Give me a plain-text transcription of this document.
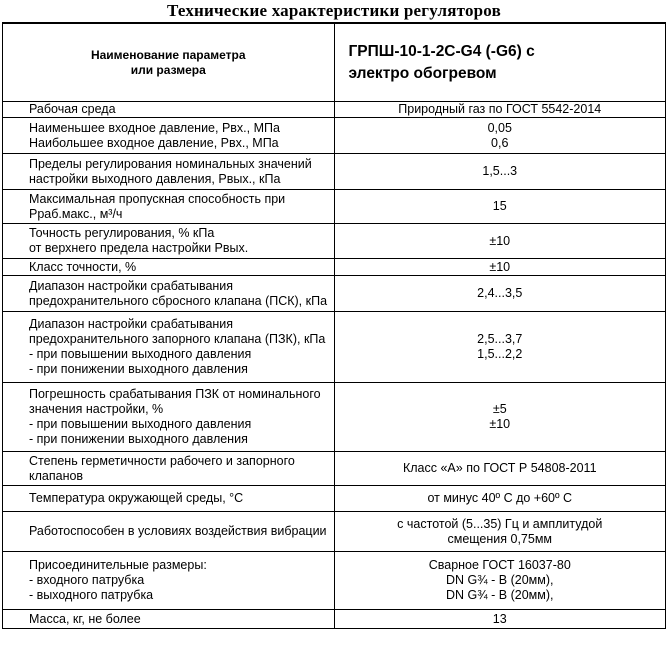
Технические характеристики регуляторов
Наименование параметра
или размера	ГРПШ-10-1-2С-G4 (-G6) с
электро обогревом

Рабочая среда	Природный газ по ГОСТ 5542-2014

Наименьшее входное давление, Рвх., МПа
Наибольшее входное давление, Рвх., МПа	0,05
0,6

Пределы регулирования номинальных значений
настройки выходного давления, Рвых., кПа	1,5...3

Максимальная пропускная способность при
Рраб.макс., м³/ч	15

Точность регулирования, % кПа
от верхнего предела настройки Рвых.	±10

Класс точности, %	±10

Диапазон настройки срабатывания
предохранительного сбросного клапана (ПСК), кПа	2,4...3,5

Диапазон настройки срабатывания
предохранительного запорного клапана (ПЗК), кПа
- при повышении выходного давления
- при понижении выходного давления	2,5...3,7
1,5...2,2

Погрешность срабатывания ПЗК от номинального
значения настройки, %
- при повышении выходного давления
- при понижении выходного давления	±5
±10

Степень герметичности рабочего и запорного
клапанов	Класс «А» по ГОСТ Р 54808-2011

Температура окружающей среды, °С	от минус 40º С до +60º С

Работоспособен в условиях воздействия вибрации	с частотой (5...35) Гц и амплитудой
смещения 0,75мм

Присоединительные размеры:
- входного патрубка
- выходного патрубка	Сварное ГОСТ 16037-80
DN G¾ - В (20мм),
DN G¾ - В (20мм),

Масса, кг, не более	13
